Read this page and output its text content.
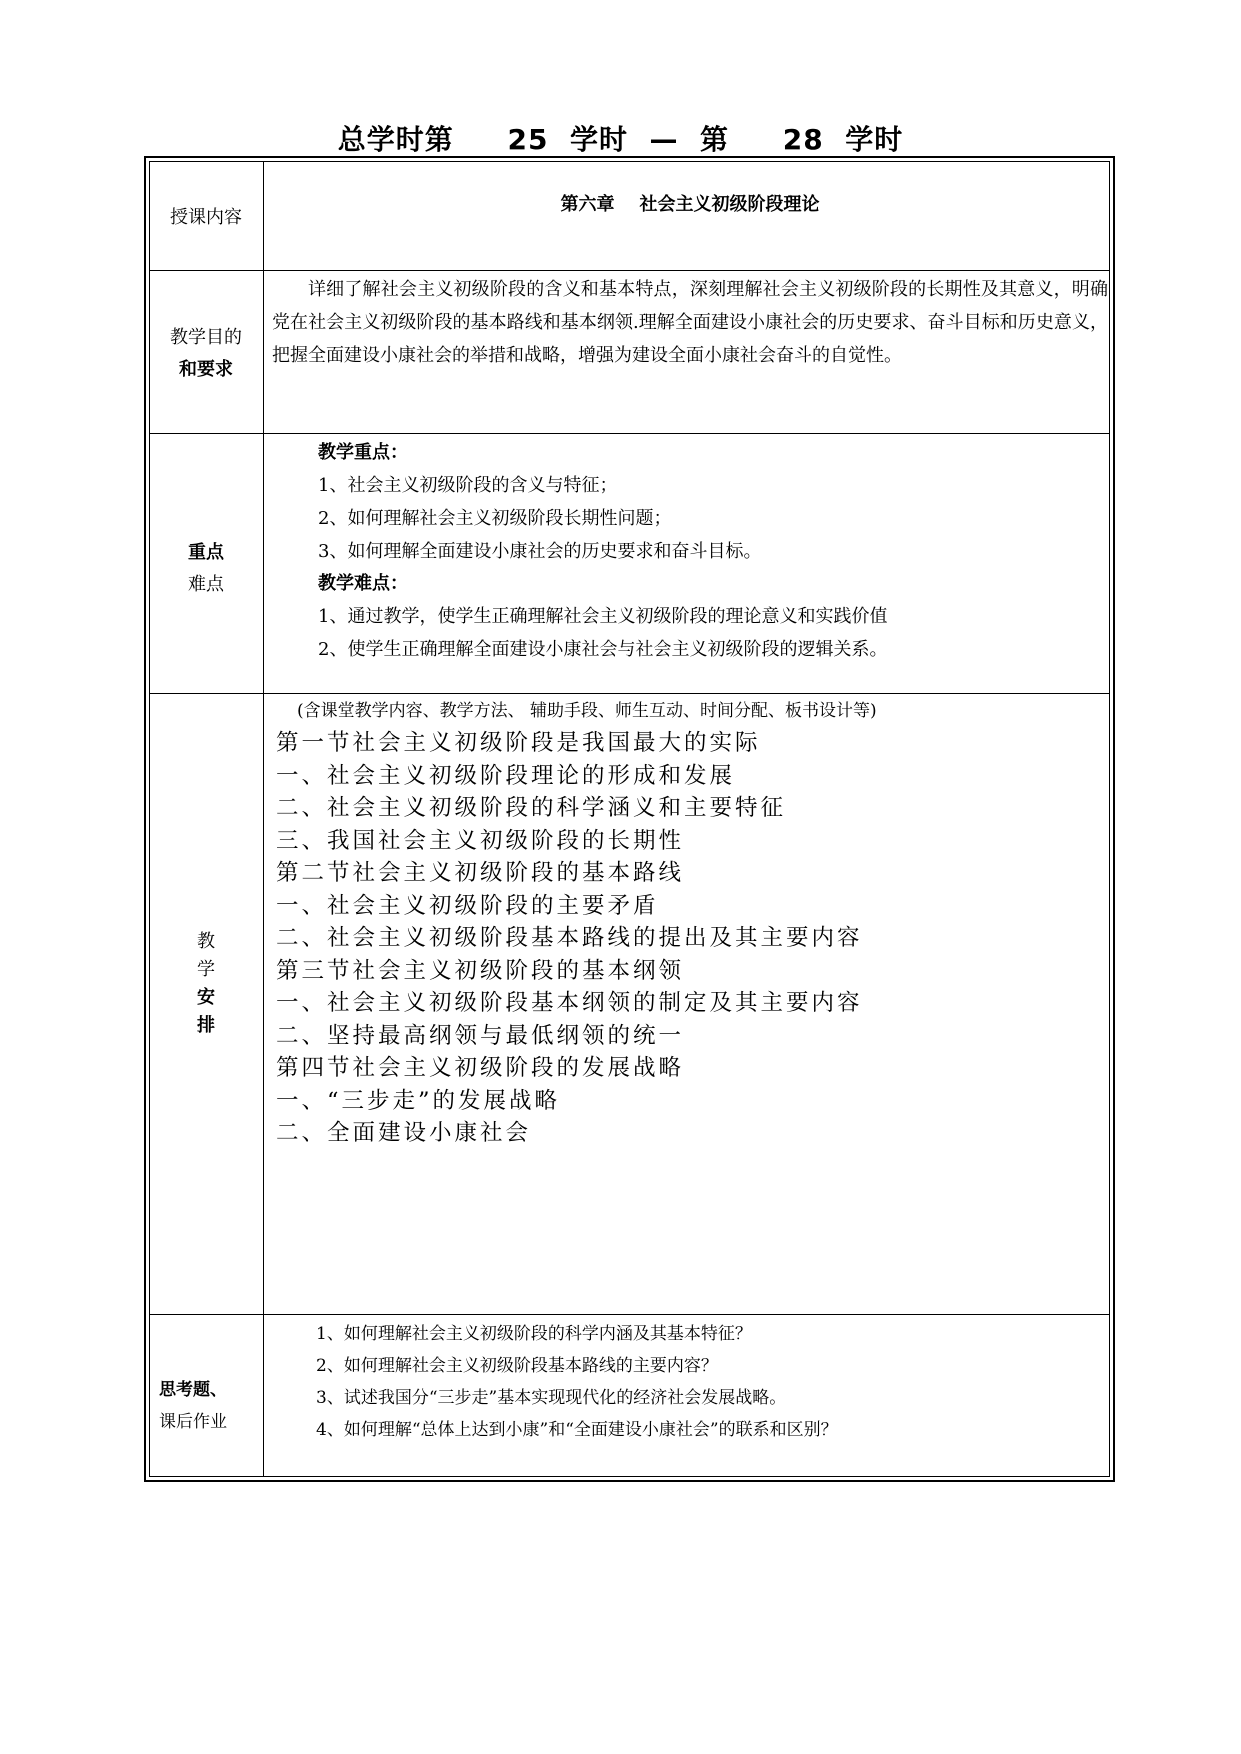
总学时第     25  学时  —  第     28  学时
授课内容
第六章    社会主义初级阶段理论
教学目的
和要求
详细了解社会主义初级阶段的含义和基本特点，深刻理解社会主义初级阶段的长期性及其意义，明确党在社会主义初级阶段的基本路线和基本纲领.理解全面建设小康社会的历史要求、奋斗目标和历史意义，把握全面建设小康社会的举措和战略，增强为建设全面小康社会奋斗的自觉性。
重点
难点
教学重点：
1、社会主义初级阶段的含义与特征；
2、如何理解社会主义初级阶段长期性问题；
3、如何理解全面建设小康社会的历史要求和奋斗目标。
教学难点：
1、通过教学，使学生正确理解社会主义初级阶段的理论意义和实践价值
2、使学生正确理解全面建设小康社会与社会主义初级阶段的逻辑关系。
教
学
安
排
(含课堂教学内容、教学方法、 辅助手段、师生互动、时间分配、板书设计等)
第一节社会主义初级阶段是我国最大的实际
一、社会主义初级阶段理论的形成和发展
二、社会主义初级阶段的科学涵义和主要特征
三、我国社会主义初级阶段的长期性
第二节社会主义初级阶段的基本路线
一、社会主义初级阶段的主要矛盾
二、社会主义初级阶段基本路线的提出及其主要内容
第三节社会主义初级阶段的基本纲领
一、社会主义初级阶段基本纲领的制定及其主要内容
二、坚持最高纲领与最低纲领的统一
第四节社会主义初级阶段的发展战略
一、“三步走”的发展战略
二、全面建设小康社会
思考题、
课后作业
1、如何理解社会主义初级阶段的科学内涵及其基本特征？
2、如何理解社会主义初级阶段基本路线的主要内容？
3、试述我国分“三步走”基本实现现代化的经济社会发展战略。
4、如何理解“总体上达到小康”和“全面建设小康社会”的联系和区别？
